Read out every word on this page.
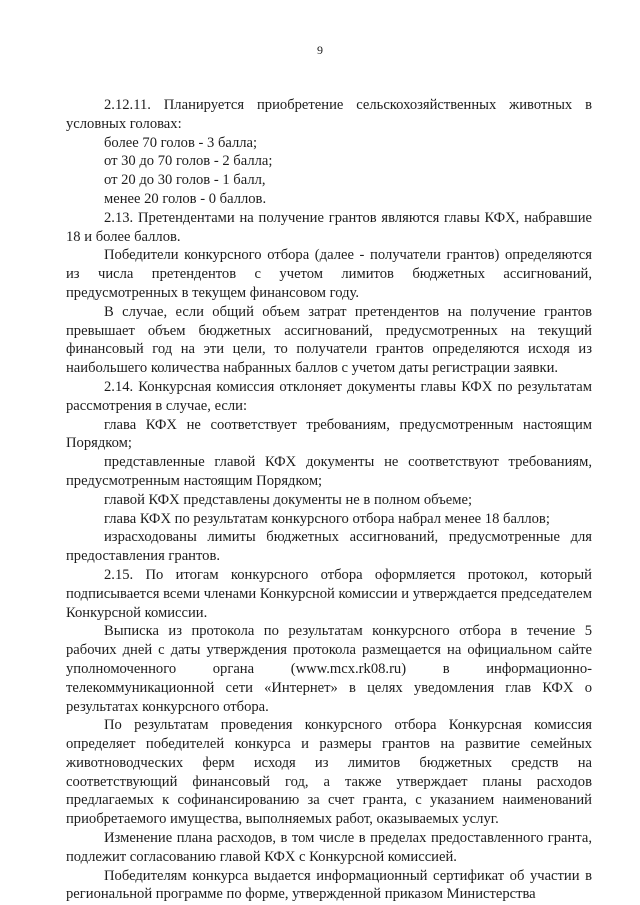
9

2.12.11. Планируется приобретение сельскохозяйственных животных в условных головах:

более 70 голов - 3 балла;

от 30 до 70 голов - 2 балла;

от 20 до 30 голов - 1 балл,

менее 20 голов - 0 баллов.

2.13. Претендентами на получение грантов являются главы КФХ, набравшие 18 и более баллов.

Победители конкурсного отбора (далее - получатели грантов) определяются из числа претендентов с учетом лимитов бюджетных ассигнований, предусмотренных в текущем финансовом году.

В случае, если общий объем затрат претендентов на получение грантов превышает объем бюджетных ассигнований, предусмотренных на текущий финансовый год на эти цели, то получатели грантов определяются исходя из наибольшего количества набранных баллов с учетом даты регистрации заявки.

2.14. Конкурсная комиссия отклоняет документы главы КФХ по результатам рассмотрения в случае, если:

глава КФХ не соответствует требованиям, предусмотренным настоящим Порядком;

представленные главой КФХ документы не соответствуют требованиям, предусмотренным настоящим Порядком;

главой КФХ представлены документы не в полном объеме;

глава КФХ по результатам конкурсного отбора набрал менее 18 баллов;

израсходованы лимиты бюджетных ассигнований, предусмотренные для предоставления грантов.

2.15. По итогам конкурсного отбора оформляется протокол, который подписывается всеми членами Конкурсной комиссии и утверждается председателем Конкурсной комиссии.

Выписка из протокола по результатам конкурсного отбора в течение 5 рабочих дней с даты утверждения протокола размещается на официальном сайте уполномоченного органа (www.mcx.rk08.ru) в информационно-телекоммуникационной сети «Интернет» в целях уведомления глав КФХ о результатах конкурсного отбора.

По результатам проведения конкурсного отбора Конкурсная комиссия определяет победителей конкурса и размеры грантов на развитие семейных животноводческих ферм исходя из лимитов бюджетных средств на соответствующий финансовый год, а также утверждает планы расходов предлагаемых к софинансированию за счет гранта, с указанием наименований приобретаемого имущества, выполняемых работ, оказываемых услуг.

Изменение плана расходов, в том числе в пределах предоставленного гранта, подлежит согласованию главой КФХ с Конкурсной комиссией.

Победителям конкурса выдается информационный сертификат об участии в региональной программе по форме, утвержденной приказом Министерства
